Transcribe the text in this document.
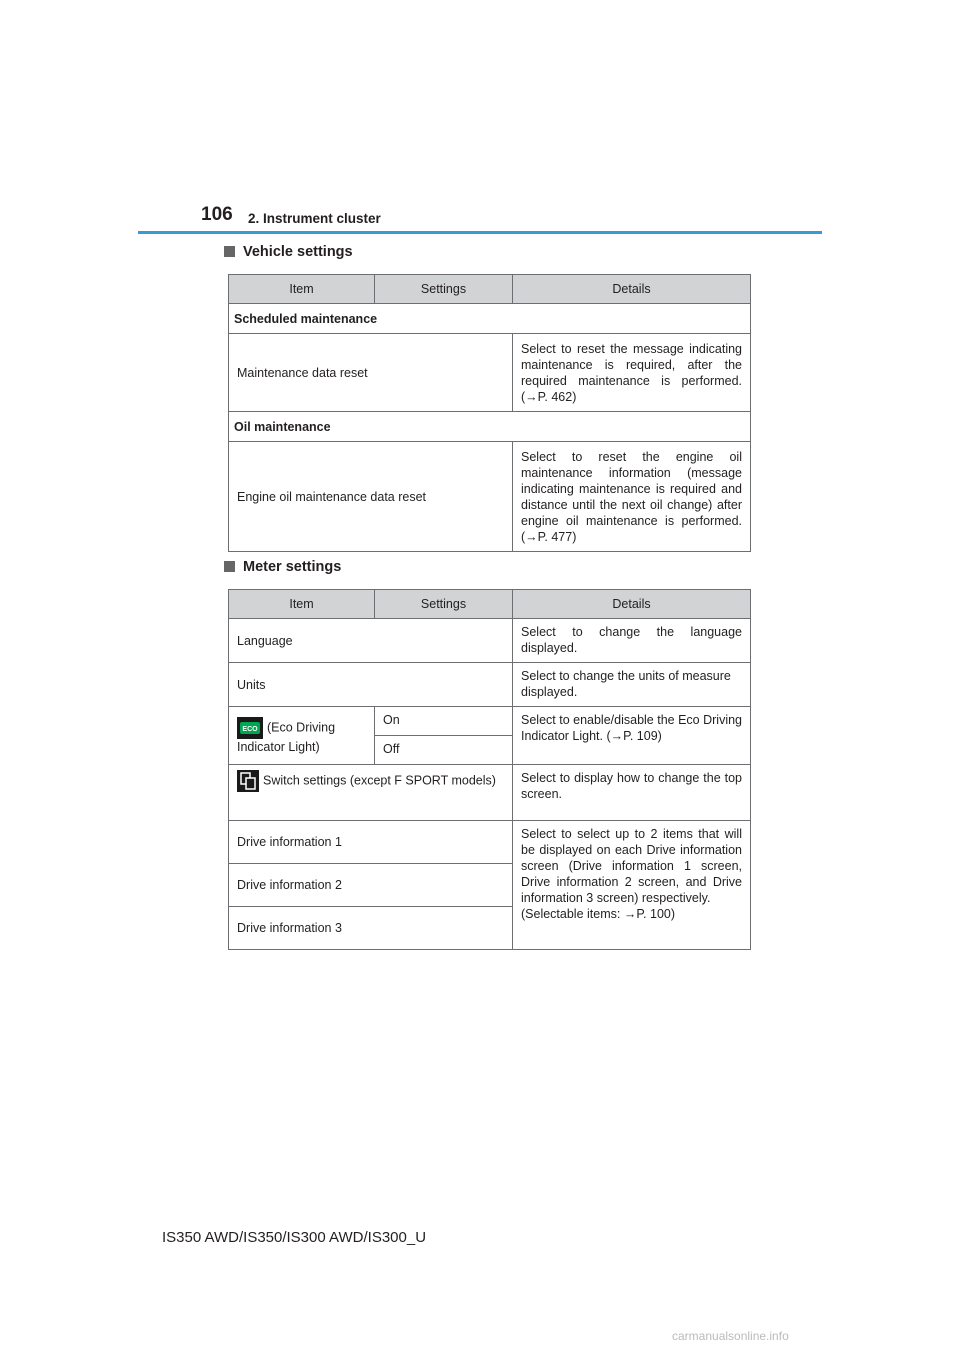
106 2. Instrument cluster
Vehicle settings
Item	Settings	Details
Scheduled maintenance		
Maintenance data reset		Select to reset the message indicating maintenance is required, after the required maintenance is performed. (→P. 462)
Oil maintenance		
Engine oil maintenance data reset		Select to reset the engine oil maintenance information (message indicating maintenance is required and distance until the next oil change) after engine oil maintenance is performed. (→P. 477)
Meter settings
Item	Settings	Details
Language		Select to change the language displayed.
Units		Select to change the units of measure displayed.

ECO (Eco Driving Indicator Light)	On	Select to enable/disable the Eco Driving Indicator Light. (→P. 109)
	Off	
Switch settings (except F SPORT models)		Select to display how to change the top screen.
Drive information 1		Select to select up to 2 items that will be displayed on each Drive information screen (Drive information 1 screen, Drive information 2 screen, and Drive information 3 screen) respectively.
(Selectable items: →P. 100)
Drive information 2		
Drive information 3		
IS350 AWD/IS350/IS300 AWD/IS300_U
carmanualsonline.info
